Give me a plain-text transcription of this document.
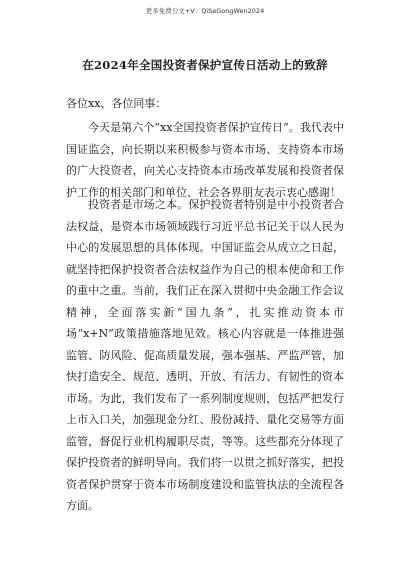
更多免费公文+V：QiSeGongWen2024
在2024年全国投资者保护宣传日活动上的致辞
各位xx、各位同事：

今天是第六个“xx全国投资者保护宣传日”。我代表中国证监会，向长期以来积极参与资本市场、支持资本市场的广大投资者，向关心支持资本市场改革发展和投资者保护工作的相关部门和单位、社会各界朋友表示衷心感谢！

投资者是市场之本。保护投资者特别是中小投资者合法权益，是资本市场领域践行习近平总书记关于以人民为中心的发展思想的具体体现。中国证监会从成立之日起，就坚持把保护投资者合法权益作为自己的根本使命和工作的重中之重。当前，我们正在深入贯彻中央金融工作会议精神，全面落实新“国九条”，扎实推动资本市场“x+N”政策措施落地见效。核心内容就是一体推进强监管、防风险、促高质量发展，强本强基、严监严管，加快打造安全、规范、透明、开放、有活力、有韧性的资本市场。为此，我们发布了一系列制度规则，包括严把发行上市入口关，加强现金分红、股份减持、量化交易等方面监管，督促行业机构履职尽责，等等。这些都充分体现了保护投资者的鲜明导向。我们将一以贯之抓好落实，把投资者保护贯穿于资本市场制度建设和监管执法的全流程各方面。
